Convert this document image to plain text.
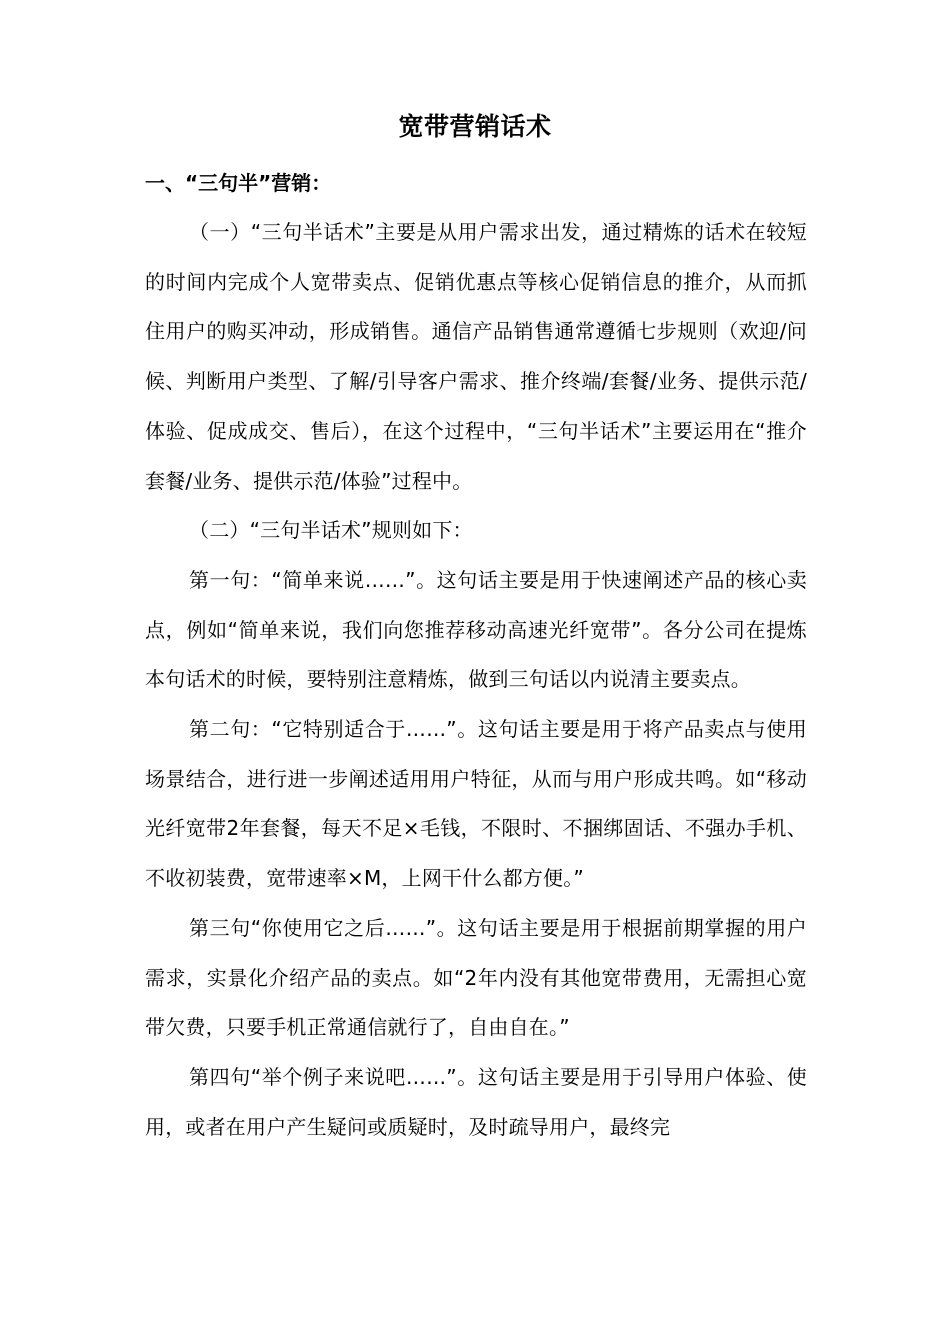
宽带营销话术
一、“三句半”营销：

（一）“三句半话术”主要是从用户需求出发，通过精炼的话术在较短的时间内完成个人宽带卖点、促销优惠点等核心促销信息的推介，从而抓住用户的购买冲动，形成销售。通信产品销售通常遵循七步规则（欢迎/问候、判断用户类型、了解/引导客户需求、推介终端/套餐/业务、提供示范/体验、促成成交、售后），在这个过程中，“三句半话术”主要运用在“推介套餐/业务、提供示范/体验”过程中。

（二）“三句半话术”规则如下：

第一句：“简单来说……”。这句话主要是用于快速阐述产品的核心卖点，例如“简单来说，我们向您推荐移动高速光纤宽带”。各分公司在提炼本句话术的时候，要特别注意精炼，做到三句话以内说清主要卖点。

第二句：“它特别适合于……”。这句话主要是用于将产品卖点与使用场景结合，进行进一步阐述适用用户特征，从而与用户形成共鸣。如“移动光纤宽带2年套餐，每天不足×毛钱，不限时、不捆绑固话、不强办手机、不收初装费，宽带速率×M，上网干什么都方便。”

第三句“你使用它之后……”。这句话主要是用于根据前期掌握的用户需求，实景化介绍产品的卖点。如“2年内没有其他宽带费用，无需担心宽带欠费，只要手机正常通信就行了，自由自在。”

第四句“举个例子来说吧……”。这句话主要是用于引导用户体验、使用，或者在用户产生疑问或质疑时，及时疏导用户，最终完
